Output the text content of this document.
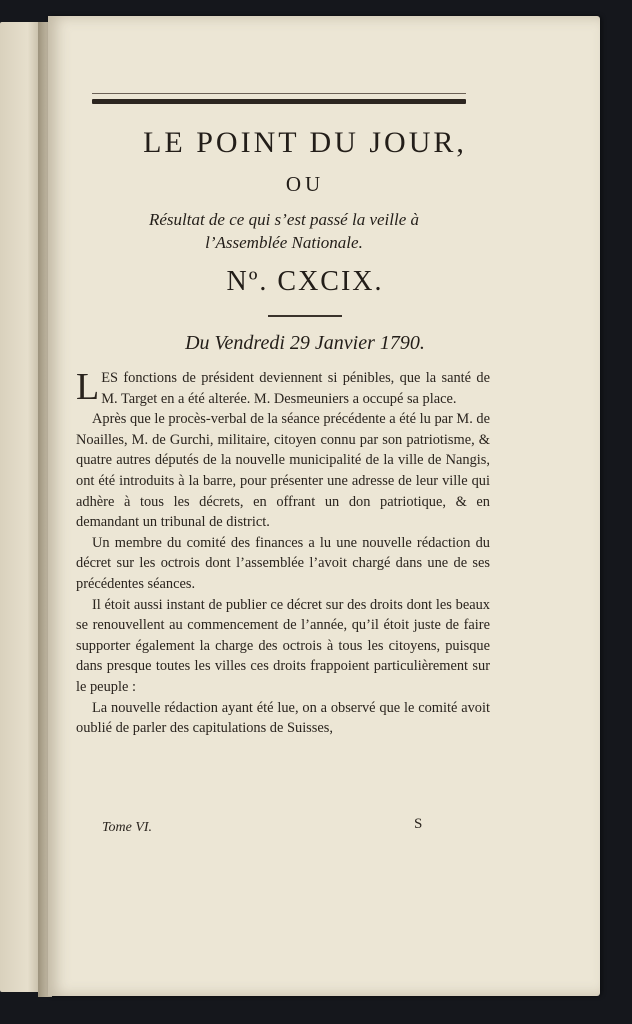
LE POINT DU JOUR,
OU
Résultat de ce qui s’est passé la veille à
l’Assemblée Nationale.
Nº. CXCIX.
Du Vendredi 29 Janvier 1790.

LES fonctions de président deviennent si pénibles, que la santé de M. Target en a été alterée. M. Desmeuniers a occupé sa place.

Après que le procès-verbal de la séance précédente a été lu par M. de Noailles, M. de Gurchi, militaire, citoyen connu par son patriotisme, & quatre autres députés de la nouvelle municipalité de la ville de Nangis, ont été introduits à la barre, pour présenter une adresse de leur ville qui adhère à tous les décrets, en offrant un don patriotique, & en demandant un tribunal de district.

Un membre du comité des finances a lu une nouvelle rédaction du décret sur les octrois dont l’assemblée l’avoit chargé dans une de ses précédentes séances.

Il étoit aussi instant de publier ce décret sur des droits dont les beaux se renouvellent au commencement de l’année, qu’il étoit juste de faire supporter également la charge des octrois à tous les citoyens, puisque dans presque toutes les villes ces droits frappoient particulièrement sur le peuple :

La nouvelle rédaction ayant été lue, on a observé que le comité avoit oublié de parler des capitulations de Suisses,

Tome VI.	S
